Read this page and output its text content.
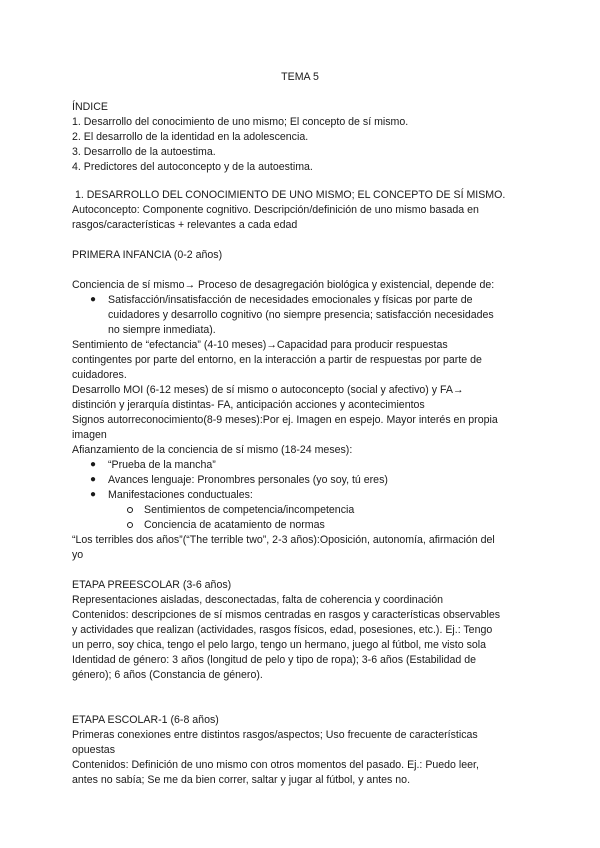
TEMA 5
ÍNDICE
1. Desarrollo del conocimiento de uno mismo; El concepto de sí mismo.
2. El desarrollo de la identidad en la adolescencia.
3. Desarrollo de la autoestima.
4. Predictores del autoconcepto y de la autoestima.
1. DESARROLLO DEL CONOCIMIENTO DE UNO MISMO; EL CONCEPTO DE SÍ MISMO.
Autoconcepto: Componente cognitivo. Descripción/definición de uno mismo basada en
rasgos/características + relevantes a cada edad
PRIMERA INFANCIA (0-2 años)
Conciencia de sí mismo→ Proceso de desagregación biológica y existencial, depende de:
● Satisfacción/insatisfacción de necesidades emocionales y físicas por parte de
cuidadores y desarrollo cognitivo (no siempre presencia; satisfacción necesidades
no siempre inmediata).
Sentimiento de “efectancia” (4-10 meses)→Capacidad para producir respuestas
contingentes por parte del entorno, en la interacción a partir de respuestas por parte de
cuidadores.
Desarrollo MOI (6-12 meses) de sí mismo o autoconcepto (social y afectivo) y FA→
distinción y jerarquía distintas- FA, anticipación acciones y acontecimientos
Signos autorreconocimiento(8-9 meses):Por ej. Imagen en espejo. Mayor interés en propia
imagen
Afianzamiento de la conciencia de sí mismo (18-24 meses):
● “Prueba de la mancha”
● Avances lenguaje: Pronombres personales (yo soy, tú eres)
● Manifestaciones conductuales:
Sentimientos de competencia/incompetencia
Conciencia de acatamiento de normas
“Los terribles dos años”(“The terrible two”, 2-3 años):Oposición, autonomía, afirmación del
yo
ETAPA PREESCOLAR (3-6 años)
Representaciones aisladas, desconectadas, falta de coherencia y coordinación
Contenidos: descripciones de sí mismos centradas en rasgos y características observables
y actividades que realizan (actividades, rasgos físicos, edad, posesiones, etc.). Ej.: Tengo
un perro, soy chica, tengo el pelo largo, tengo un hermano, juego al fútbol, me visto sola
Identidad de género: 3 años (longitud de pelo y tipo de ropa); 3-6 años (Estabilidad de
género); 6 años (Constancia de género).
ETAPA ESCOLAR-1 (6-8 años)
Primeras conexiones entre distintos rasgos/aspectos; Uso frecuente de características
opuestas
Contenidos: Definición de uno mismo con otros momentos del pasado. Ej.: Puedo leer,
antes no sabía; Se me da bien correr, saltar y jugar al fútbol, y antes no.
